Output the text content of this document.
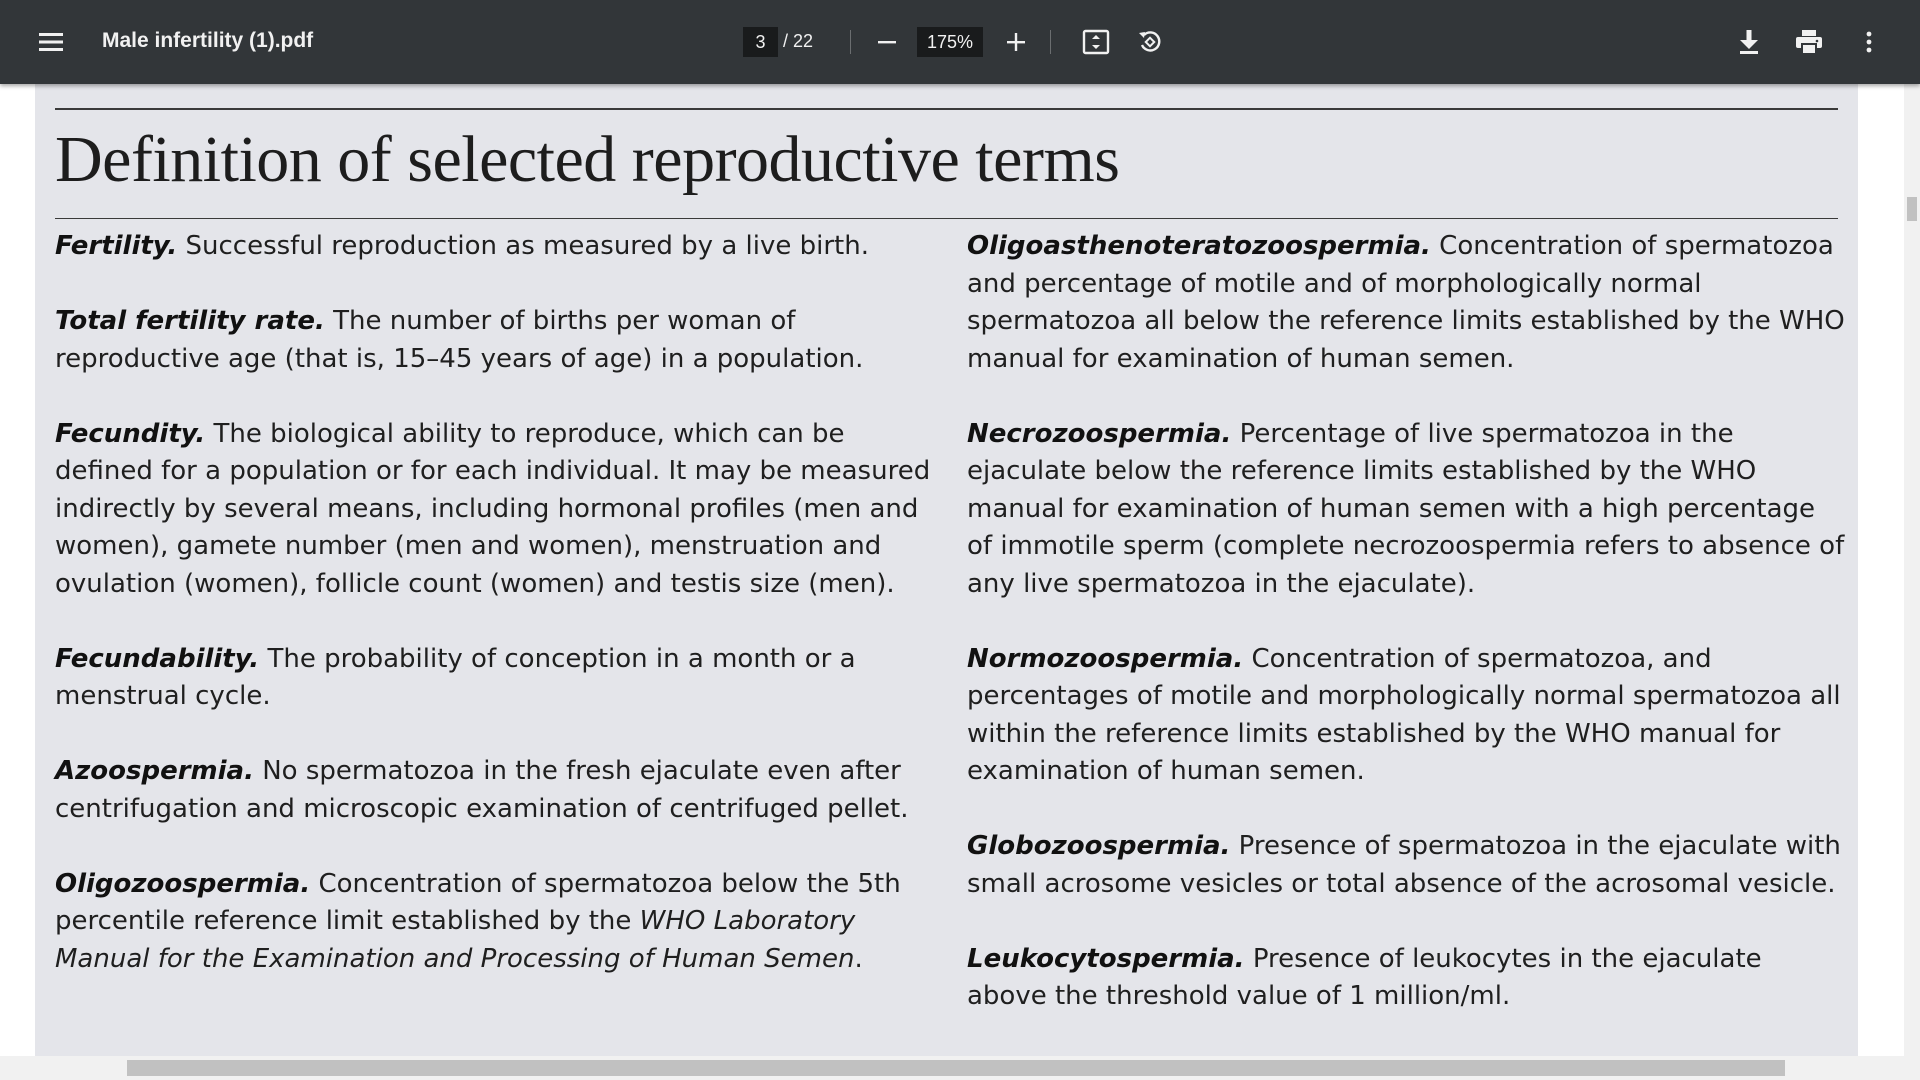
Male infertility (1).pdf	3 / 22	175%
Definition of selected reproductive terms

Fertility. Successful reproduction as measured by a live birth.

Total fertility rate. The number of births per woman of reproductive age (that is, 15–45 years of age) in a population.

Fecundity. The biological ability to reproduce, which can be defined for a population or for each individual. It may be measured indirectly by several means, including hormonal profiles (men and women), gamete number (men and women), menstruation and ovulation (women), follicle count (women) and testis size (men).

Fecundability. The probability of conception in a month or a menstrual cycle.

Azoospermia. No spermatozoa in the fresh ejaculate even after centrifugation and microscopic examination of centrifuged pellet.

Oligozoospermia. Concentration of spermatozoa below the 5th percentile reference limit established by the WHO Laboratory Manual for the Examination and Processing of Human Semen.

Oligoasthenoteratozoospermia. Concentration of spermatozoa and percentage of motile and of morphologically normal spermatozoa all below the reference limits established by the WHO manual for examination of human semen.

Necrozoospermia. Percentage of live spermatozoa in the ejaculate below the reference limits established by the WHO manual for examination of human semen with a high percentage of immotile sperm (complete necrozoospermia refers to absence of any live spermatozoa in the ejaculate).

Normozoospermia. Concentration of spermatozoa, and percentages of motile and morphologically normal spermatozoa all within the reference limits established by the WHO manual for examination of human semen.

Globozoospermia. Presence of spermatozoa in the ejaculate with small acrosome vesicles or total absence of the acrosomal vesicle.

Leukocytospermia. Presence of leukocytes in the ejaculate above the threshold value of 1 million/ml.
